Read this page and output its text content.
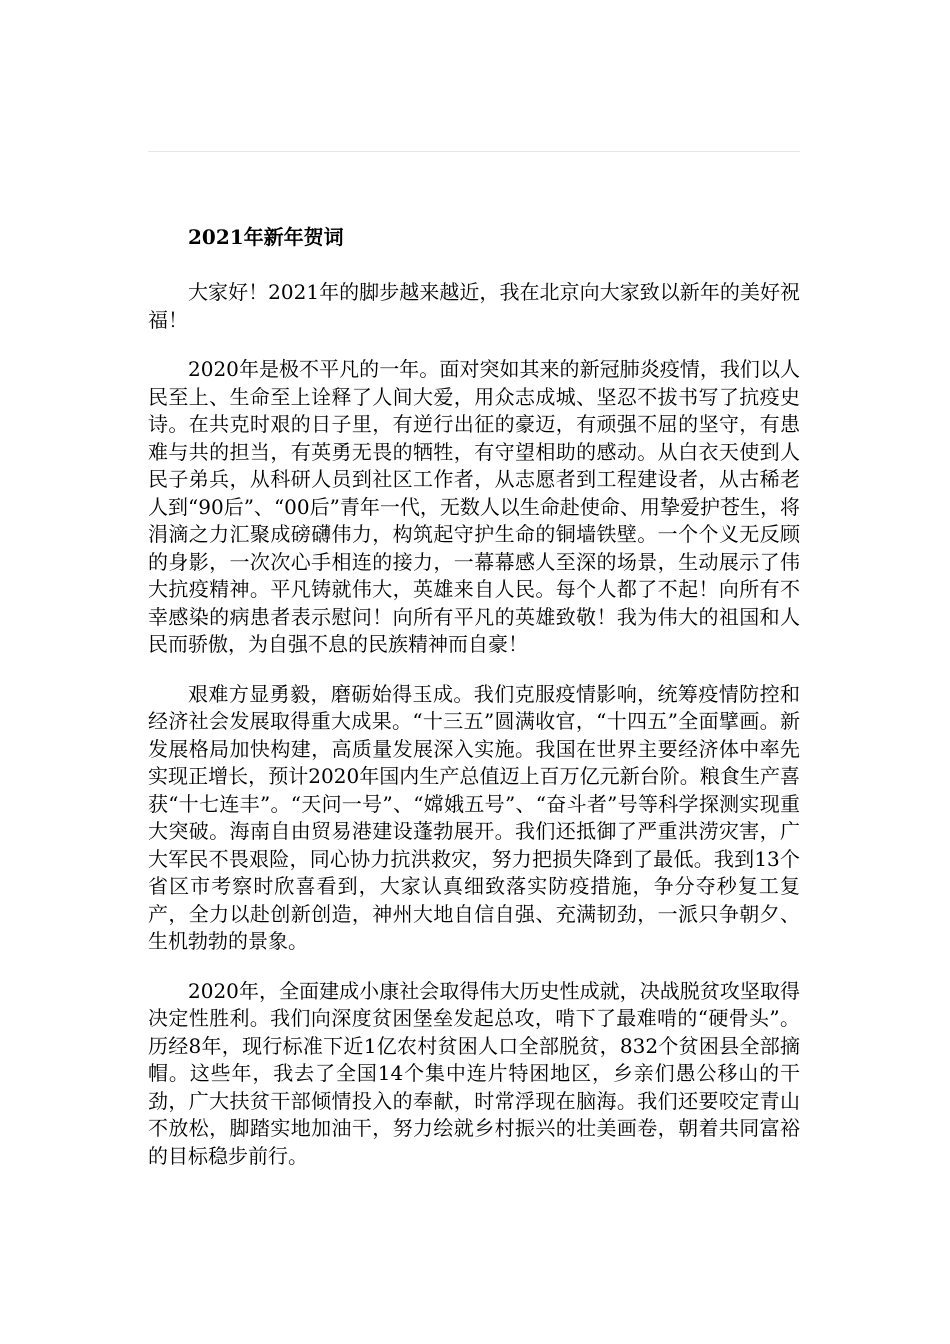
2021年新年贺词

大家好！2021年的脚步越来越近，我在北京向大家致以新年的美好祝福！

2020年是极不平凡的一年。面对突如其来的新冠肺炎疫情，我们以人民至上、生命至上诠释了人间大爱，用众志成城、坚忍不拔书写了抗疫史诗。在共克时艰的日子里，有逆行出征的豪迈，有顽强不屈的坚守，有患难与共的担当，有英勇无畏的牺牲，有守望相助的感动。从白衣天使到人民子弟兵，从科研人员到社区工作者，从志愿者到工程建设者，从古稀老人到“90后”、“00后”青年一代，无数人以生命赴使命、用挚爱护苍生，将涓滴之力汇聚成磅礴伟力，构筑起守护生命的铜墙铁壁。一个个义无反顾的身影，一次次心手相连的接力，一幕幕感人至深的场景，生动展示了伟大抗疫精神。平凡铸就伟大，英雄来自人民。每个人都了不起！向所有不幸感染的病患者表示慰问！向所有平凡的英雄致敬！我为伟大的祖国和人民而骄傲，为自强不息的民族精神而自豪！

艰难方显勇毅，磨砺始得玉成。我们克服疫情影响，统筹疫情防控和经济社会发展取得重大成果。“十三五”圆满收官，“十四五”全面擘画。新发展格局加快构建，高质量发展深入实施。我国在世界主要经济体中率先实现正增长，预计2020年国内生产总值迈上百万亿元新台阶。粮食生产喜获“十七连丰”。“天问一号”、“嫦娥五号”、“奋斗者”号等科学探测实现重大突破。海南自由贸易港建设蓬勃展开。我们还抵御了严重洪涝灾害，广大军民不畏艰险，同心协力抗洪救灾，努力把损失降到了最低。我到13个省区市考察时欣喜看到，大家认真细致落实防疫措施，争分夺秒复工复产，全力以赴创新创造，神州大地自信自强、充满韧劲，一派只争朝夕、生机勃勃的景象。

2020年，全面建成小康社会取得伟大历史性成就，决战脱贫攻坚取得决定性胜利。我们向深度贫困堡垒发起总攻，啃下了最难啃的“硬骨头”。历经8年，现行标准下近1亿农村贫困人口全部脱贫，832个贫困县全部摘帽。这些年，我去了全国14个集中连片特困地区，乡亲们愚公移山的干劲，广大扶贫干部倾情投入的奉献，时常浮现在脑海。我们还要咬定青山不放松，脚踏实地加油干，努力绘就乡村振兴的壮美画卷，朝着共同富裕的目标稳步前行。
